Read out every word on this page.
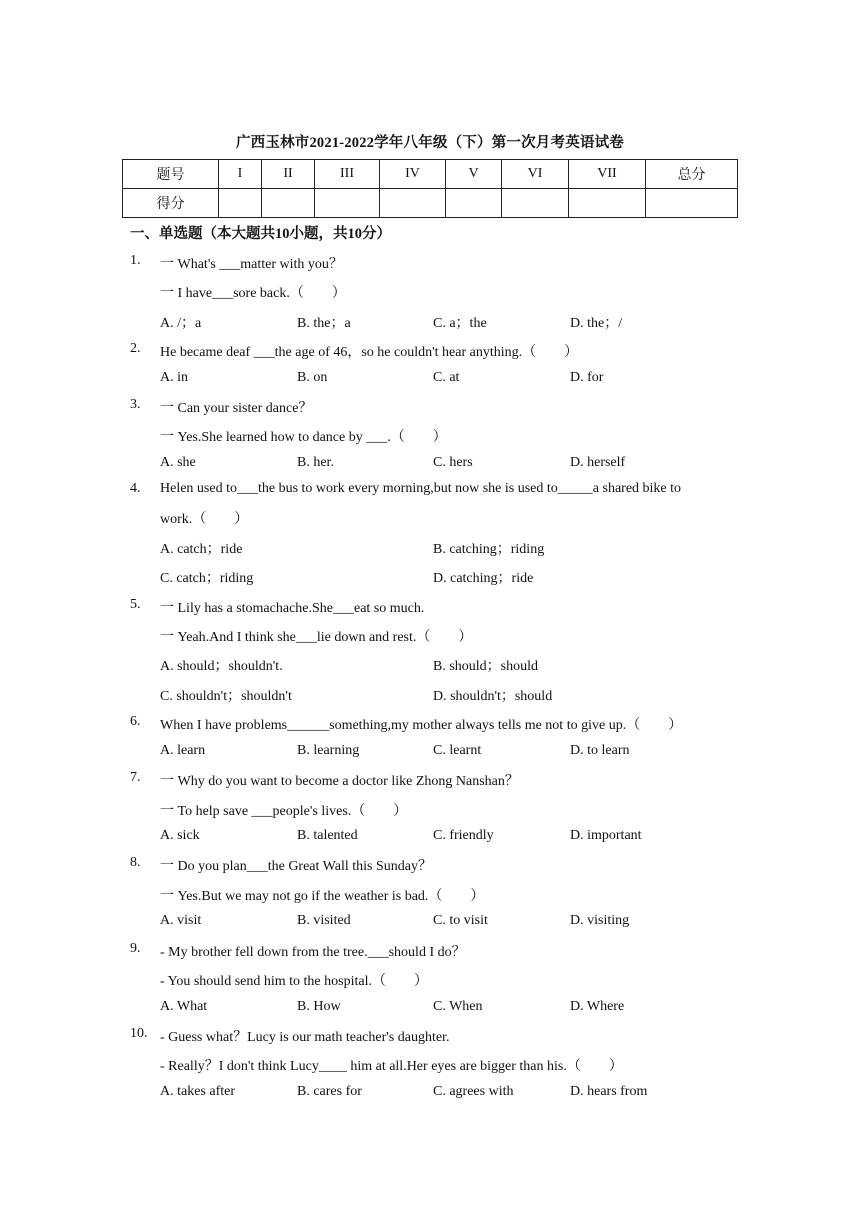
广西玉林市2021-2022学年八年级（下）第一次月考英语试卷
题号	I	II	III	IV	V	VI	VII	总分
得分								
一、单选题（本大题共10小题，共10分）
1. 一 What's ___matter with you？
一 I have___sore back.（　　）
A. /；a	B. the；a	C. a；the	D. the；/
2. He became deaf ___the age of 46，so he couldn't hear anything.（　　）
A. in	B. on	C. at	D. for
3. 一 Can your sister dance？
一 Yes.She learned how to dance by ___.（　　）
A. she	B. her.	C. hers	D. herself
4. Helen used to___the bus to work every morning,but now she is used to_____a shared bike to
work.（　　）
A. catch；ride	B. catching；riding
C. catch；riding	D. catching；ride
5. 一 Lily has a stomachache.She___eat so much.
一 Yeah.And I think she___lie down and rest.（　　）
A. should；shouldn't.	B. should；should
C. shouldn't；shouldn't	D. shouldn't；should
6. When I have problems______something,my mother always tells me not to give up.（　　）
A. learn	B. learning	C. learnt	D. to learn
7. 一 Why do you want to become a doctor like Zhong Nanshan？
一 To help save ___people's lives.（　　）
A. sick	B. talented	C. friendly	D. important
8. 一 Do you plan___the Great Wall this Sunday？
一 Yes.But we may not go if the weather is bad.（　　）
A. visit	B. visited	C. to visit	D. visiting
9. - My brother fell down from the tree.___should I do？
- You should send him to the hospital.（　　）
A. What	B. How	C. When	D. Where
10. - Guess what？Lucy is our math teacher's daughter.
- Really？I don't think Lucy____ him at all.Her eyes are bigger than his.（　　）
A. takes after	B. cares for	C. agrees with	D. hears from
